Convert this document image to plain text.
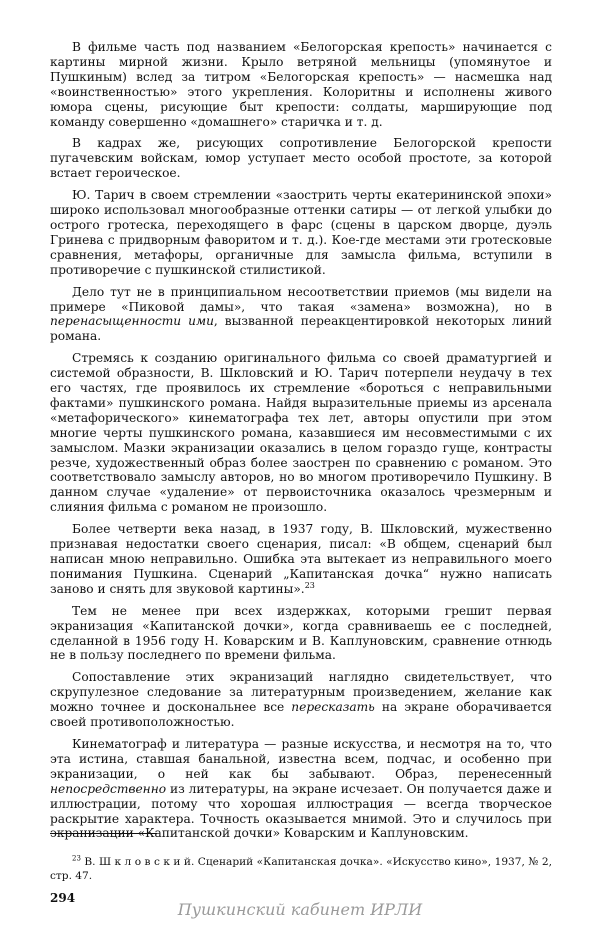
В фильме часть под названием «Белогорская крепость» начинается с картины мирной жизни. Крыло ветряной мельницы (упомянутое и Пушкиным) вслед за титром «Белогорская крепость» — насмешка над «воинственностью» этого укрепления. Колоритны и исполнены живого юмора сцены, рисующие быт крепости: солдаты, марширующие под команду совершенно «домашнего» старичка и т. д.

В кадрах же, рисующих сопротивление Белогорской крепости пугачевским войскам, юмор уступает место особой простоте, за которой встает героическое.

Ю. Тарич в своем стремлении «заострить черты екатерининской эпохи» широко использовал многообразные оттенки сатиры — от легкой улыбки до острого гротеска, переходящего в фарс (сцены в царском дворце, дуэль Гринева с придворным фаворитом и т. д.). Кое-где местами эти гротесковые сравнения, метафоры, органичные для замысла фильма, вступили в противоречие с пушкинской стилистикой.

Дело тут не в принципиальном несоответствии приемов (мы видели на примере «Пиковой дамы», что такая «замена» возможна), но в перенасыщенности ими, вызванной переакцентировкой некоторых линий романа.

Стремясь к созданию оригинального фильма со своей драматургией и системой образности, В. Шкловский и Ю. Тарич потерпели неудачу в тех его частях, где проявилось их стремление «бороться с неправильными фактами» пушкинского романа. Найдя выразительные приемы из арсенала «метафорического» кинематографа тех лет, авторы опустили при этом многие черты пушкинского романа, казавшиеся им несовместимыми с их замыслом. Мазки экранизации оказались в целом гораздо гуще, контрасты резче, художественный образ более заострен по сравнению с романом. Это соответствовало замыслу авторов, но во многом противоречило Пушкину. В данном случае «удаление» от первоисточника оказалось чрезмерным и слияния фильма с романом не произошло.

Более четверти века назад, в 1937 году, В. Шкловский, мужественно признавая недостатки своего сценария, писал: «В общем, сценарий был написан мною неправильно. Ошибка эта вытекает из неправильного моего понимания Пушкина. Сценарий „Капитанская дочка“ нужно написать заново и снять для звуковой картины».$^{23}$

Тем не менее при всех издержках, которыми грешит первая экранизация «Капитанской дочки», когда сравниваешь ее с последней, сделанной в 1956 году Н. Коварским и В. Каплуновским, сравнение отнюдь не в пользу последнего по времени фильма.

Сопоставление этих экранизаций наглядно свидетельствует, что скрупулезное следование за литературным произведением, желание как можно точнее и доскональнее все пересказать на экране оборачивается своей противоположностью.

Кинематограф и литература — разные искусства, и несмотря на то, что эта истина, ставшая банальной, известна всем, подчас, и особенно при экранизации, о ней как бы забывают. Образ, перенесенный непосредственно из литературы, на экране исчезает. Он получается даже и иллюстрации, потому что хорошая иллюстрация — всегда творческое раскрытие характера. Точность оказывается мнимой. Это и случилось при экранизации «Капитанской дочки» Коварским и Каплуновским.

$^{23}$ В. Ш к л о в с к и й. Сценарий «Капитанская дочка». «Искусство кино», 1937, № 2, стр. 47.

294
Пушкинский кабинет ИРЛИ
